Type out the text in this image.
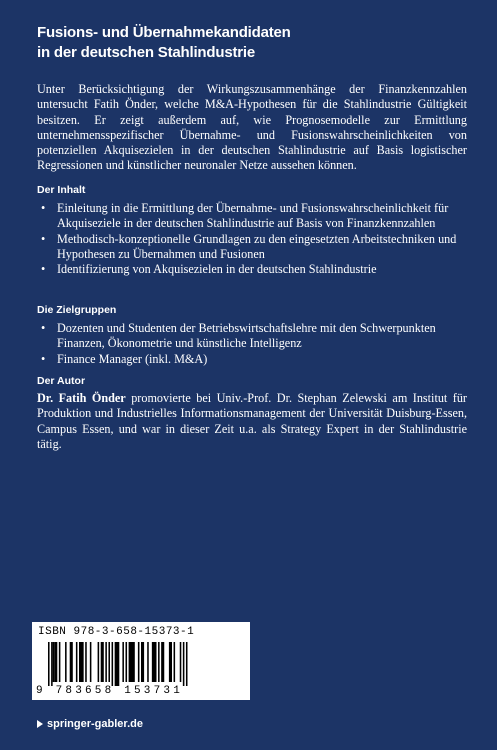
Fusions- und Übernahmekandidaten
in der deutschen Stahlindustrie
Unter Berücksichtigung der Wirkungszusammenhänge der Finanzkennzahlen untersucht Fatih Önder, welche M&A-Hypothesen für die Stahlindustrie Gültigkeit besitzen. Er zeigt außerdem auf, wie Prognosemodelle zur Ermittlung unternehmensspezifischer Übernahme- und Fusionswahrscheinlichkeiten von potenziellen Akquisezielen in der deutschen Stahlindustrie auf Basis logistischer Regressionen und künstlicher neuronaler Netze aussehen können.
Der Inhalt
• Einleitung in die Ermittlung der Übernahme- und Fusionswahrscheinlichkeit für Akquiseziele in der deutschen Stahlindustrie auf Basis von Finanzkennzahlen
• Methodisch-konzeptionelle Grundlagen zu den eingesetzten Arbeitstechniken und Hypothesen zu Übernahmen und Fusionen
• Identifizierung von Akquisezielen in der deutschen Stahlindustrie
Die Zielgruppen
• Dozenten und Studenten der Betriebswirtschaftslehre mit den Schwerpunkten Finanzen, Ökonometrie und künstliche Intelligenz
• Finance Manager (inkl. M&A)
Der Autor
Dr. Fatih Önder promovierte bei Univ.-Prof. Dr. Stephan Zelewski am Institut für Produktion und Industrielles Informationsmanagement der Universität Duisburg-Essen, Campus Essen, und war in dieser Zeit u.a. als Strategy Expert in der Stahlindustrie tätig.
ISBN 978-3-658-15373-1
9 783658 153731
springer-gabler.de
